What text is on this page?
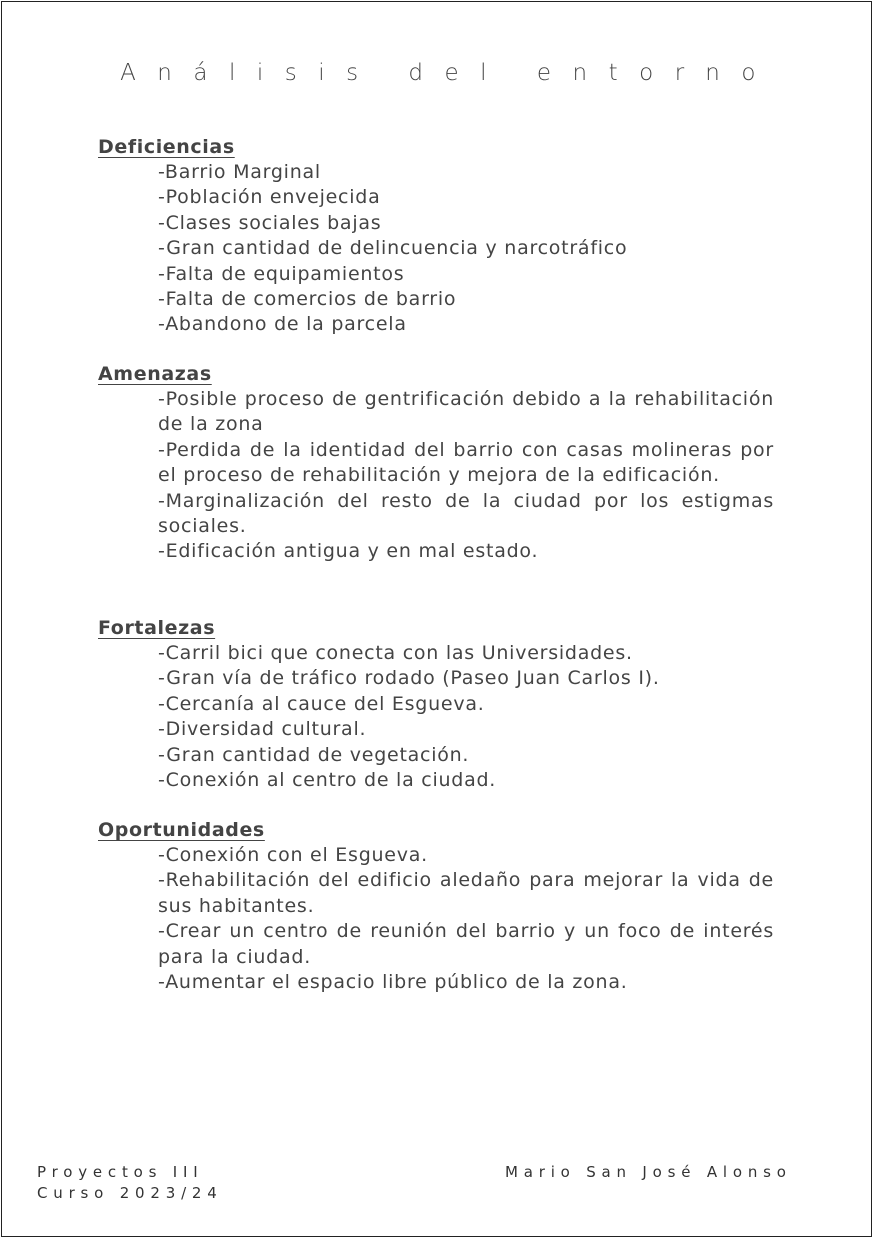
Análisis del entorno
Deficiencias
-Barrio Marginal
-Población envejecida
-Clases sociales bajas
-Gran cantidad de delincuencia y narcotráfico
-Falta de equipamientos
-Falta de comercios de barrio
-Abandono de la parcela
Amenazas
-Posible proceso de gentrificación debido a la rehabilitación de la zona
-Perdida de la identidad del barrio con casas molineras por el proceso de rehabilitación y mejora de la edificación.
-Marginalización del resto de la ciudad por los estigmas sociales.
-Edificación antigua y en mal estado.
Fortalezas
-Carril bici que conecta con las Universidades.
-Gran vía de tráfico rodado (Paseo Juan Carlos I).
-Cercanía al cauce del Esgueva.
-Diversidad cultural.
-Gran cantidad de vegetación.
-Conexión al centro de la ciudad.
Oportunidades
-Conexión con el Esgueva.
-Rehabilitación del edificio aledaño para mejorar la vida de sus habitantes.
-Crear un centro de reunión del barrio y un foco de interés para la ciudad.
-Aumentar el espacio libre público de la zona.
Proyectos III
Curso 2023/24
Mario San José Alonso
